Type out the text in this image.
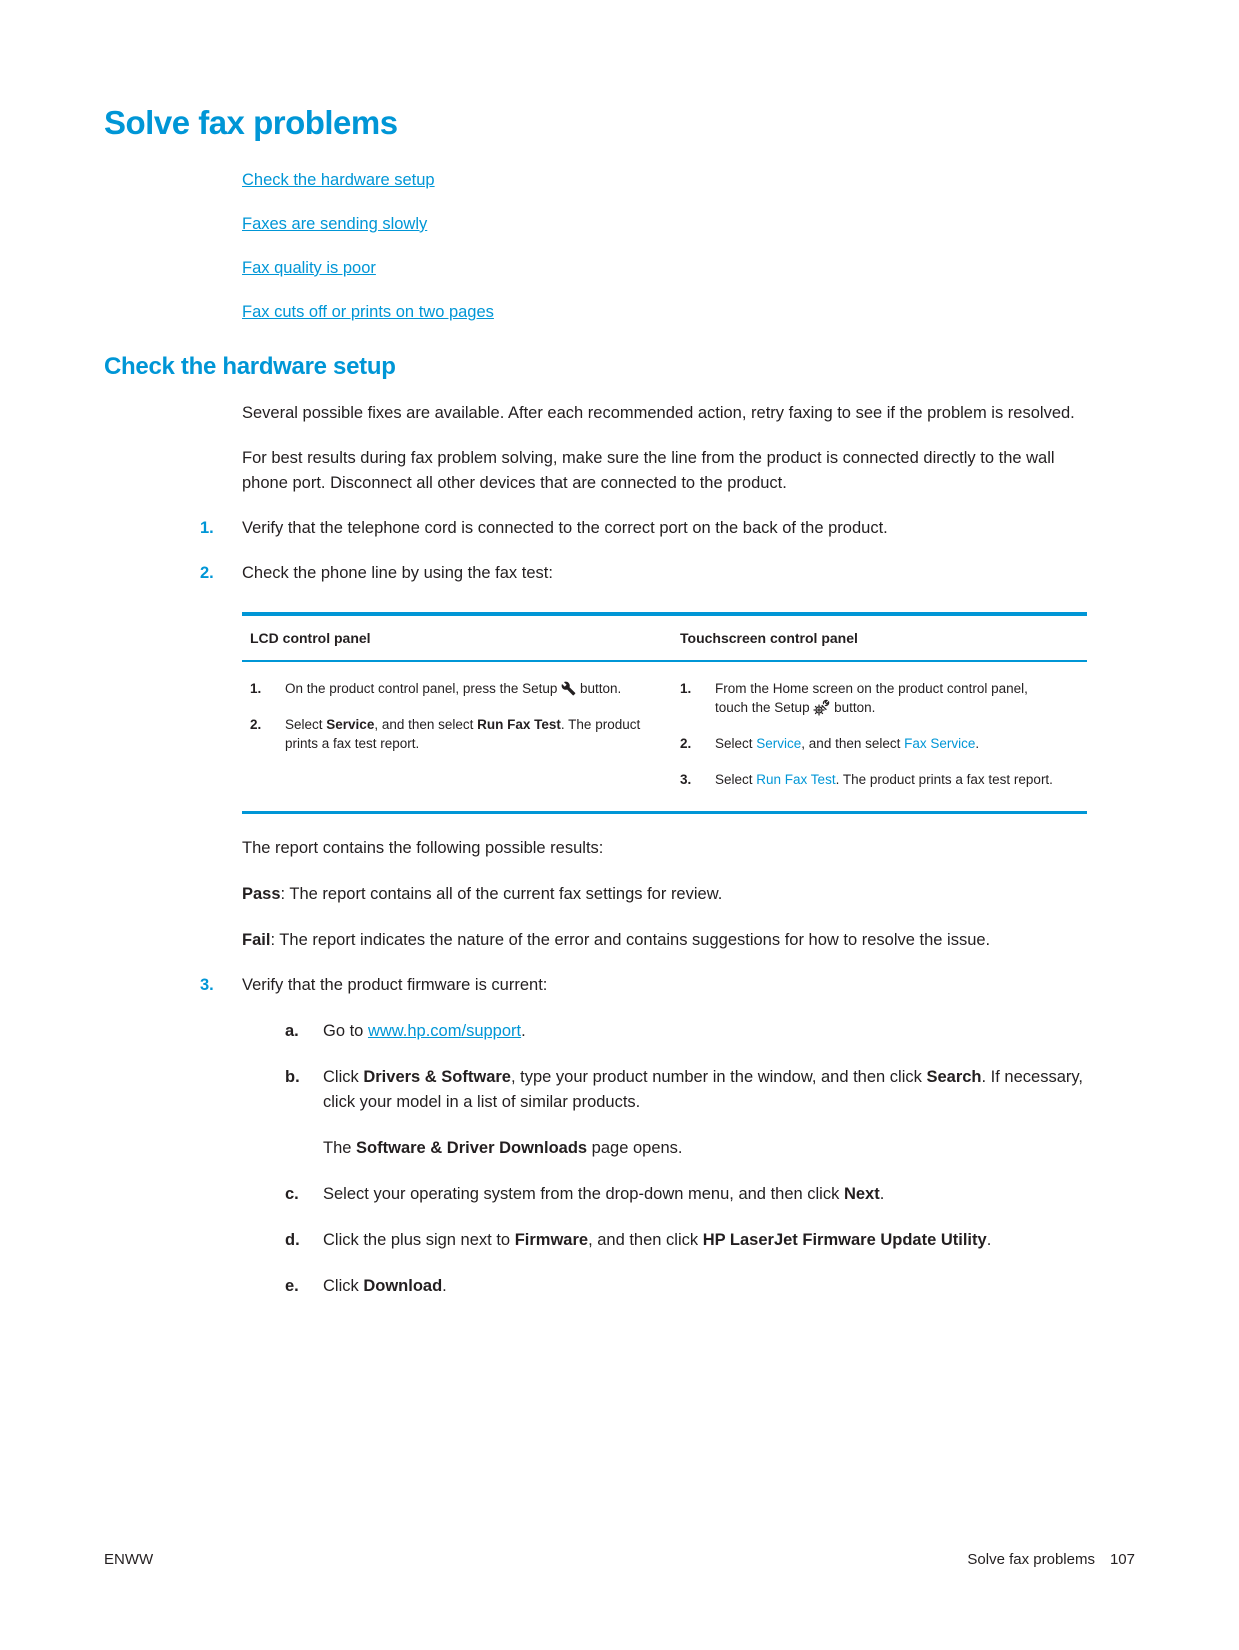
Solve fax problems
Check the hardware setup
Faxes are sending slowly
Fax quality is poor
Fax cuts off or prints on two pages
Check the hardware setup
Several possible fixes are available. After each recommended action, retry faxing to see if the problem is resolved.
For best results during fax problem solving, make sure the line from the product is connected directly to the wall phone port. Disconnect all other devices that are connected to the product.
1.	Verify that the telephone cord is connected to the correct port on the back of the product.
2.	Check the phone line by using the fax test:
LCD control panel	Touchscreen control panel
1.	On the product control panel, press the Setup  button.
2.	Select Service, and then select Run Fax Test. The product prints a fax test report.
1.	From the Home screen on the product control panel, touch the Setup  button.
2.	Select Service, and then select Fax Service.
3.	Select Run Fax Test. The product prints a fax test report.

The report contains the following possible results:

Pass: The report contains all of the current fax settings for review.
Fail: The report indicates the nature of the error and contains suggestions for how to resolve the issue.
3.	Verify that the product firmware is current:
a.	Go to www.hp.com/support.
b.	Click Drivers & Software, type your product number in the window, and then click Search. If necessary, click your model in a list of similar products.

The Software & Driver Downloads page opens.

c.	Select your operating system from the drop-down menu, and then click Next.
d.	Click the plus sign next to Firmware, and then click HP LaserJet Firmware Update Utility.
e.	Click Download.
ENWW	Solve fax problems 107
